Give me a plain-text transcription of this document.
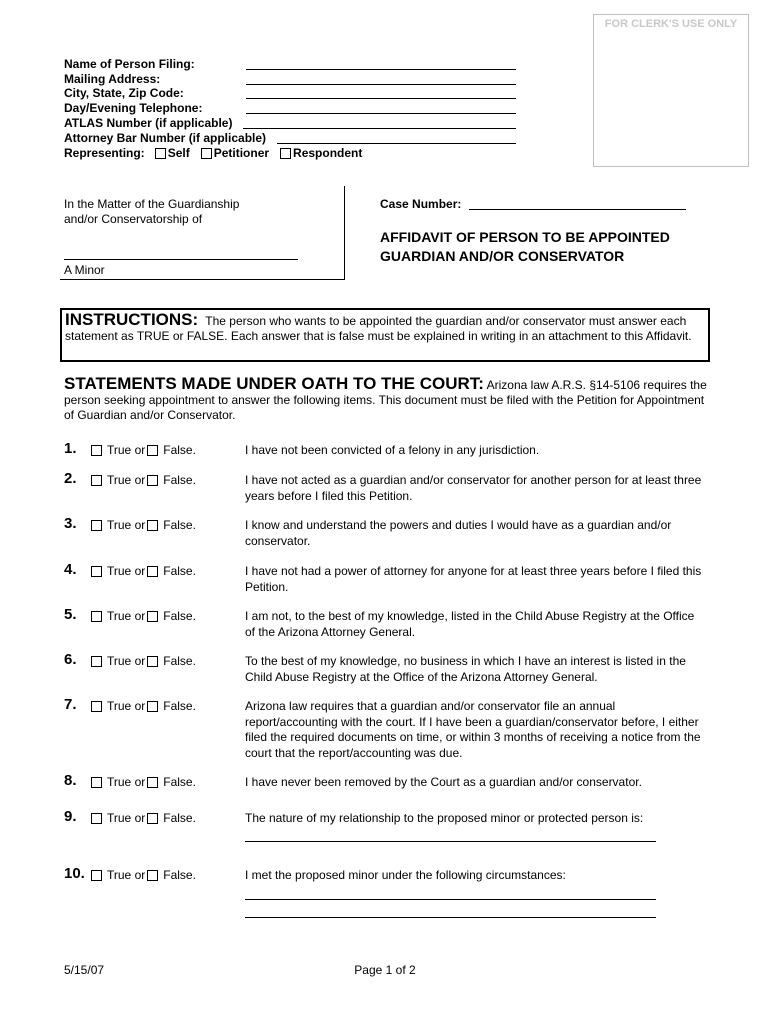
FOR CLERK'S USE ONLY
Name of Person Filing:
Mailing Address:
City, State, Zip Code:
Day/Evening Telephone:
ATLAS Number (if applicable)
Attorney Bar Number (if applicable)
Representing: Self Petitioner Respondent
In the Matter of the Guardianship
and/or Conservatorship of
A Minor
Case Number:
AFFIDAVIT OF PERSON TO BE APPOINTED
GUARDIAN AND/OR CONSERVATOR
INSTRUCTIONS: The person who wants to be appointed the guardian and/or conservator must answer each statement as TRUE or FALSE. Each answer that is false must be explained in writing in an attachment to this Affidavit.
STATEMENTS MADE UNDER OATH TO THE COURT: Arizona law A.R.S. §14-5106 requires the person seeking appointment to answer the following items. This document must be filed with the Petition for Appointment of Guardian and/or Conservator.
1.	True or False.	I have not been convicted of a felony in any jurisdiction.
2.	True or False.	I have not acted as a guardian and/or conservator for another person for at least three years before I filed this Petition.
3.	True or False.	I know and understand the powers and duties I would have as a guardian and/or conservator.
4.	True or False.	I have not had a power of attorney for anyone for at least three years before I filed this Petition.
5.	True or False.	I am not, to the best of my knowledge, listed in the Child Abuse Registry at the Office of the Arizona Attorney General.
6.	True or False.	To the best of my knowledge, no business in which I have an interest is listed in the Child Abuse Registry at the Office of the Arizona Attorney General.
7.	True or False.	Arizona law requires that a guardian and/or conservator file an annual report/accounting with the court. If I have been a guardian/conservator before, I either filed the required documents on time, or within 3 months of receiving a notice from the court that the report/accounting was due.
8.	True or False.	I have never been removed by the Court as a guardian and/or conservator.
9.	True or False.	The nature of my relationship to the proposed minor or protected person is:
10. True or False.	I met the proposed minor under the following circumstances:
5/15/07	Page 1 of 2
